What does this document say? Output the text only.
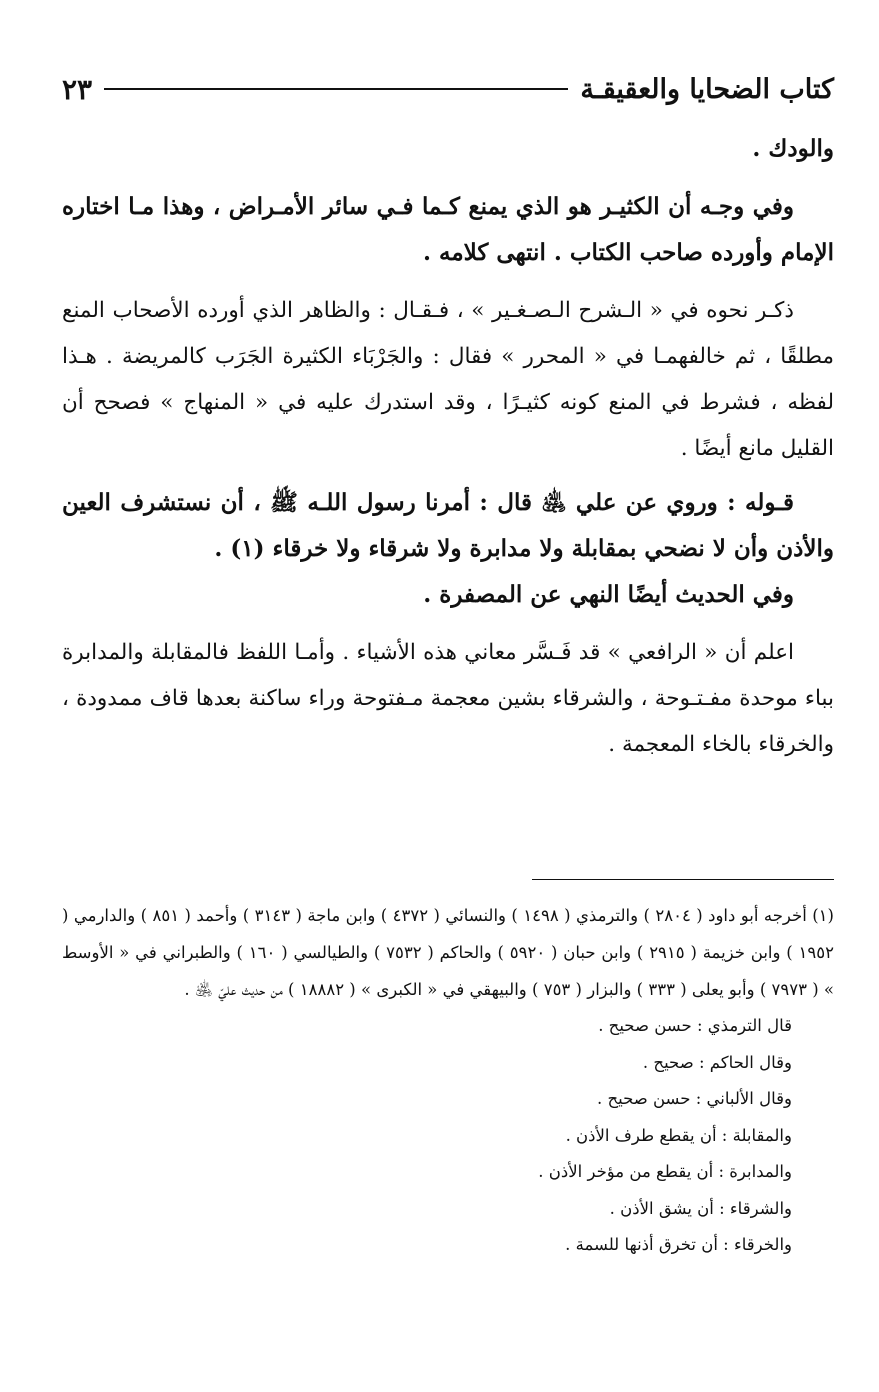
كتاب الضحايا والعقيقـة
٢٣

والودك .

وفي وجـه أن الكثيـر هو الذي يمنع كـما فـي سائر الأمـراض ، وهذا مـا اختاره الإمام وأورده صاحب الكتاب . انتهى كلامه .

ذكـر نحوه في « الـشرح الـصـغـير » ، فـقـال : والظاهر الذي أورده الأصحاب المنع مطلقًا ، ثم خالفهمـا في « المحرر » فقال : والجَرْبَاء الكثيرة الجَرَب كالمريضة . هـذا لفظه ، فشرط في المنع كونه كثيـرًا ، وقد استدرك عليه في « المنهاج » فصحح أن القليل مانع أيضًا .

قـوله : وروي عن علي ﵁ قال : أمرنا رسول اللـه ﷺ ، أن نستشرف العين والأذن وأن لا نضحي بمقابلة ولا مدابرة ولا شرقاء ولا خرقاء (١) .

وفي الحديث أيضًا النهي عن المصفرة .

اعلم أن « الرافعي » قد فَـسَّر معاني هذه الأشياء . وأمـا اللفظ فالمقابلة والمدابرة بباء موحدة مفـتـوحة ، والشرقاء بشين معجمة مـفتوحة وراء ساكنة بعدها قاف ممدودة ، والخرقاء بالخاء المعجمة .

(١) أخرجه أبو داود ( ٢٨٠٤ ) والترمذي ( ١٤٩٨ ) والنسائي ( ٤٣٧٢ ) وابن ماجة ( ٣١٤٣ ) وأحمد ( ٨٥١ ) والدارمي ( ١٩٥٢ ) وابن خزيمة ( ٢٩١٥ ) وابن حبان ( ٥٩٢٠ ) والحاكم ( ٧٥٣٢ ) والطيالسي ( ١٦٠ ) والطبراني في « الأوسط » ( ٧٩٧٣ ) وأبو يعلى ( ٣٣٣ ) والبزار ( ٧٥٣ ) والبيهقي في « الكبرى » ( ١٨٨٨٢ ) من حديث عليّ ﵁ .

قال الترمذي : حسن صحيح .
وقال الحاكم : صحيح .
وقال الألباني : حسن صحيح .
والمقابلة : أن يقطع طرف الأذن .
والمدابرة : أن يقطع من مؤخر الأذن .
والشرقاء : أن يشق الأذن .
والخرقاء : أن تخرق أذنها للسمة .
